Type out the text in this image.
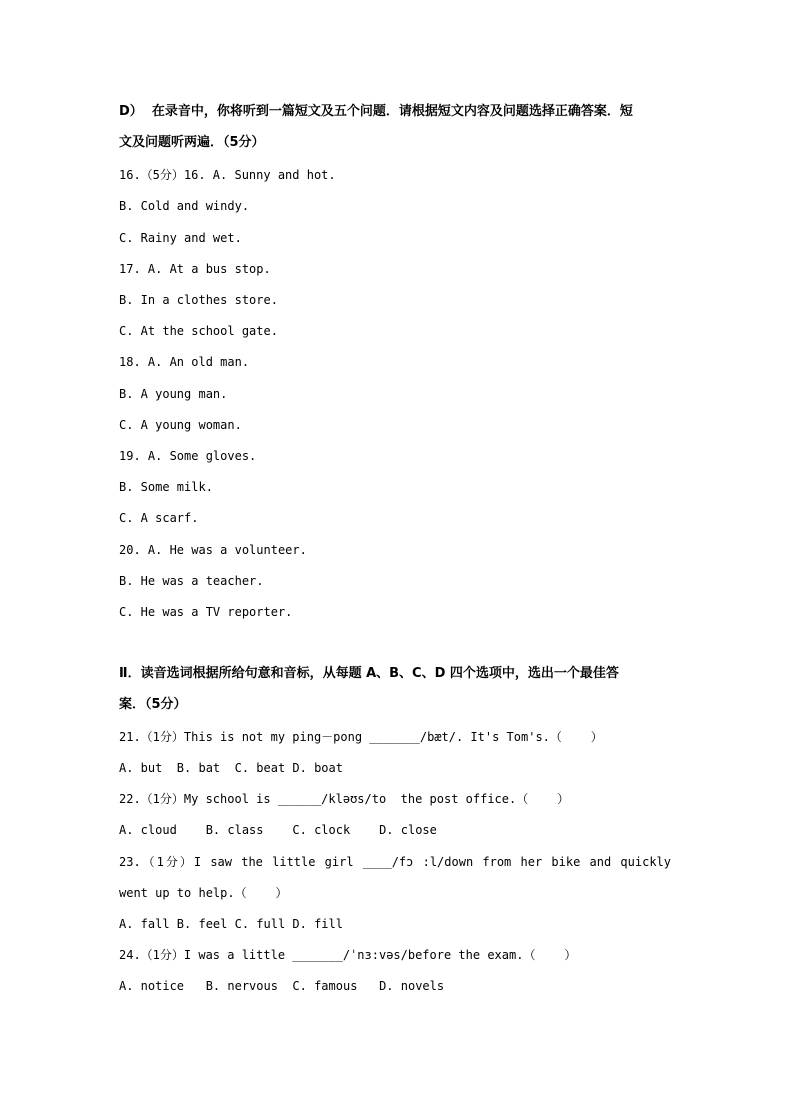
D）  在录音中，你将听到一篇短文及五个问题．请根据短文内容及问题选择正确答案．短
文及问题听两遍．（5分）
16.（5分）16. A. Sunny and hot.
B. Cold and windy.
C. Rainy and wet.
17. A. At a bus stop.
B. In a clothes store.
C. At the school gate.
18. A. An old man.
B. A young man.
C. A young woman.
19. A. Some gloves.
B. Some milk.
C. A scarf.
20. A. He was a volunteer.
B. He was a teacher.
C. He was a TV reporter.
Ⅱ．读音选词根据所给句意和音标，从每题 A、B、C、D 四个选项中，选出一个最佳答
案．（5分）
21.（1分）This is not my ping－pong _______/bæt/. It's Tom's.（    ）
A. but  B. bat  C. beat D. boat
22.（1分）My school is ______/kləʊs/to  the post office.（    ）
A. cloud    B. class    C. clock    D. close
23.（1分）I saw the little girl ____/fɔ :l/down from her bike and quickly
went up to help.（    ）
A. fall B. feel C. full D. fill
24.（1分）I was a little _______/ˈnɜ:vəs/before the exam.（    ）
A. notice   B. nervous  C. famous   D. novels
